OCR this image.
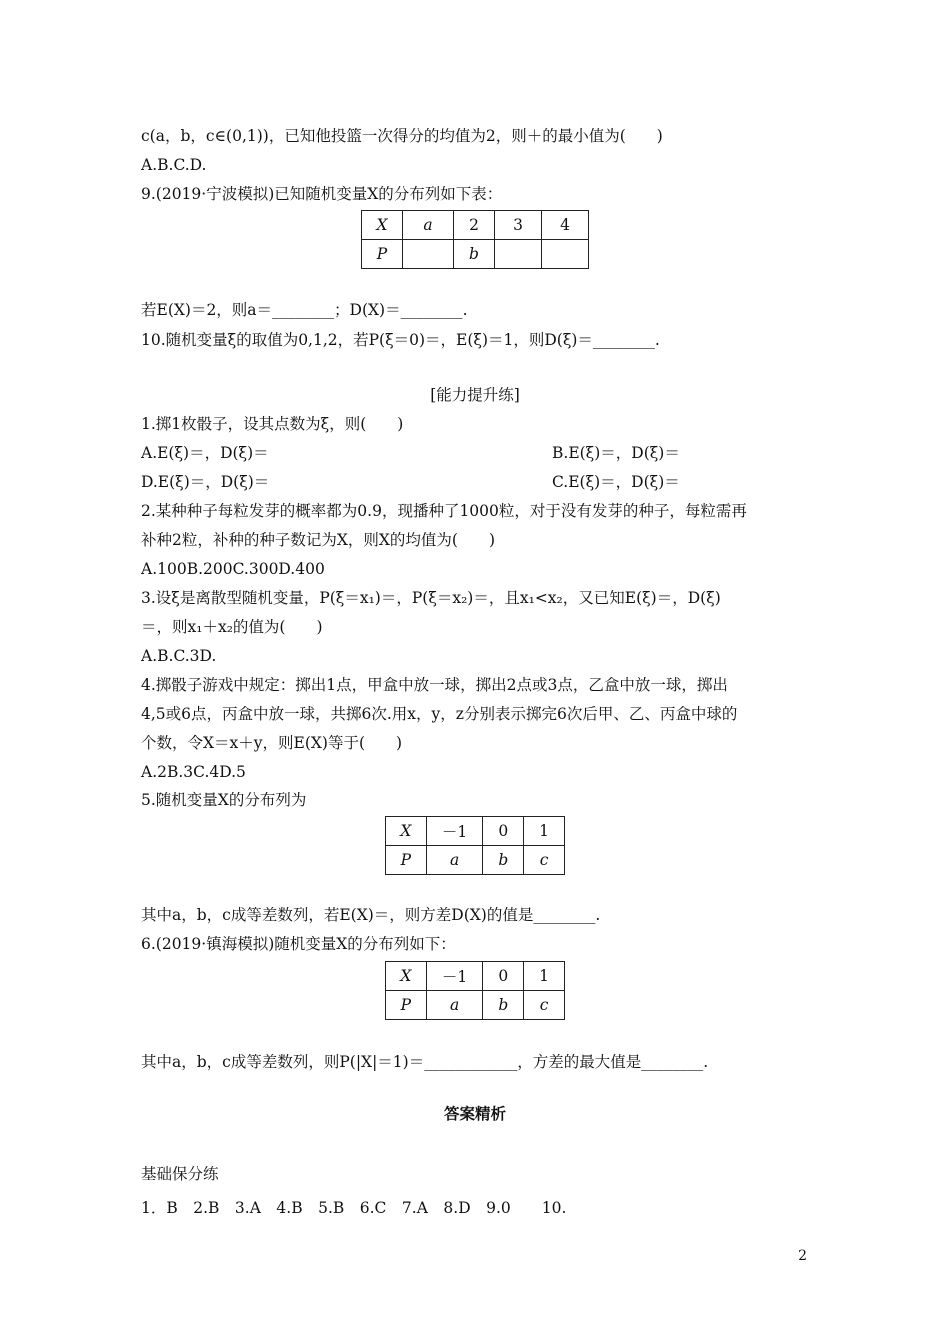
c(a，b，c∈(0,1))，已知他投篮一次得分的均值为2，则＋的最小值为(　　)
A.B.C.D.
9.(2019·宁波模拟)已知随机变量X的分布列如下表：
X	a	2	3	4
P		b		
若E(X)＝2，则a＝________；D(X)＝________.
10.随机变量ξ的取值为0,1,2，若P(ξ＝0)＝，E(ξ)＝1，则D(ξ)＝________.
[能力提升练]
1.掷1枚骰子，设其点数为ξ，则(　　)
A.E(ξ)＝，D(ξ)＝	B.E(ξ)＝，D(ξ)＝
D.E(ξ)＝，D(ξ)＝	C.E(ξ)＝，D(ξ)＝
2.某种种子每粒发芽的概率都为0.9，现播种了1000粒，对于没有发芽的种子，每粒需再
补种2粒，补种的种子数记为X，则X的均值为(　　)
A.100B.200C.300D.400
3.设ξ是离散型随机变量，P(ξ＝x₁)＝，P(ξ＝x₂)＝，且x₁<x₂，又已知E(ξ)＝，D(ξ)
＝，则x₁＋x₂的值为(　　)
A.B.C.3D.
4.掷骰子游戏中规定：掷出1点，甲盒中放一球，掷出2点或3点，乙盒中放一球，掷出
4,5或6点，丙盒中放一球，共掷6次.用x，y，z分别表示掷完6次后甲、乙、丙盒中球的
个数，令X＝x＋y，则E(X)等于(　　)
A.2B.3C.4D.5
5.随机变量X的分布列为
X	－1	0	1
P	a	b	c
其中a，b，c成等差数列，若E(X)＝，则方差D(X)的值是________.
6.(2019·镇海模拟)随机变量X的分布列如下：
X	－1	0	1
P	a	b	c
其中a，b，c成等差数列，则P(|X|＝1)＝____________，方差的最大值是________.
答案精析
基础保分练
1．B　2.B　3.A　4.B　5.B　6.C　7.A　8.D　9.0　　10.
2
